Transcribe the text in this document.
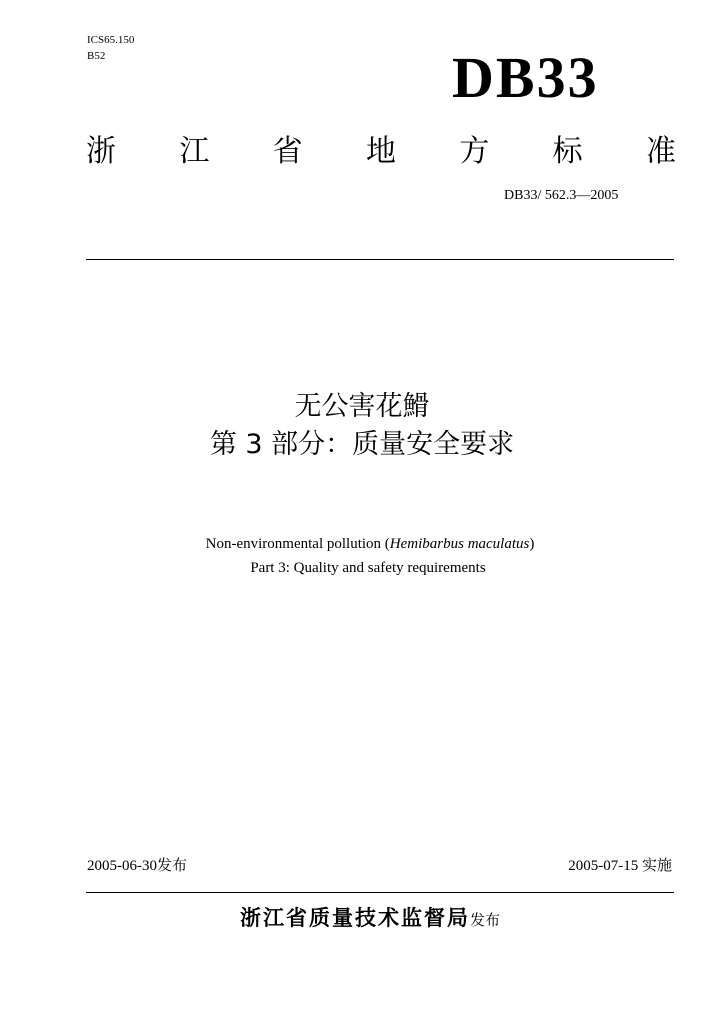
ICS65.150
B52	DB33
浙 江 省 地 方 标 准
DB33/ 562.3—2005
无公害花䱻
第 3 部分：质量安全要求
Non-environmental pollution (Hemibarbus maculatus)
Part 3: Quality and safety requirements
2005-06-30发布	2005-07-15 实施
浙江省质量技术监督局发布
